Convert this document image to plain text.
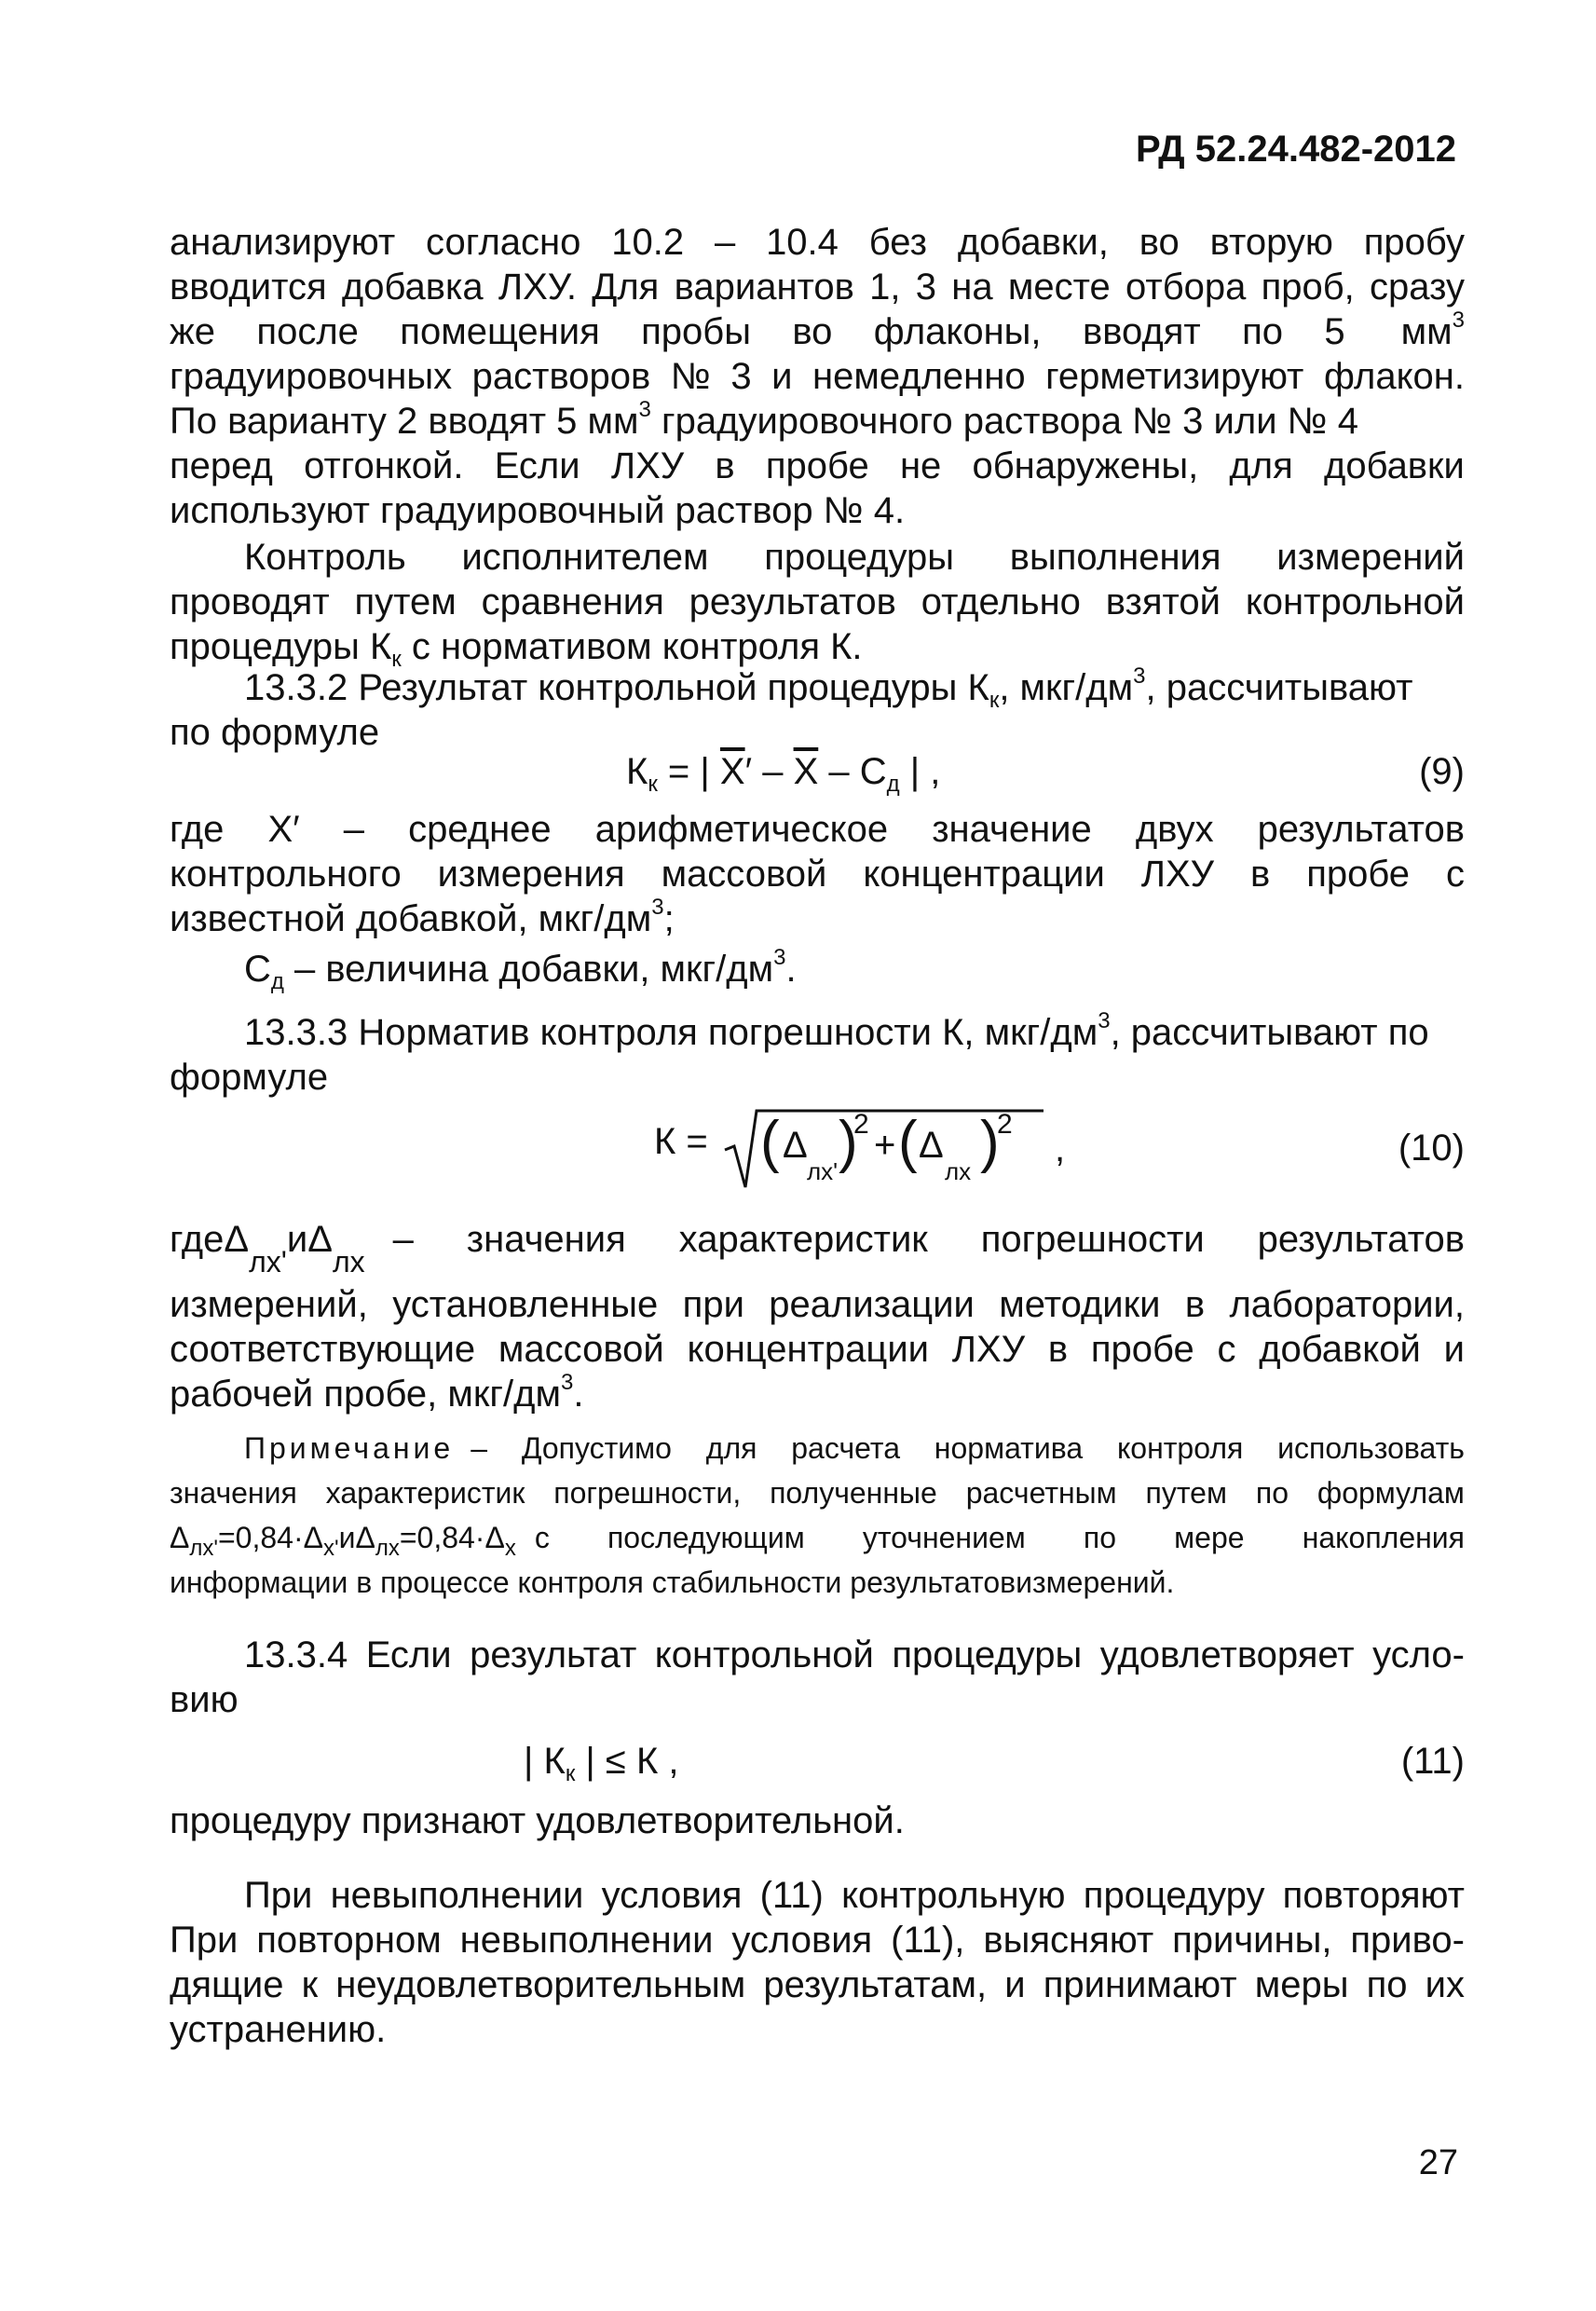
РД 52.24.482-2012
анализируют согласно 10.2 – 10.4 без добавки, во вторую пробу
вводится добавка ЛХУ. Для вариантов 1, 3 на месте отбора проб, сразу
же после помещения пробы во флаконы, вводят по 5 $мм^3$
градуировочных растворов № 3 и немедленно герметизируют флакон.
По варианту 2 вводят 5 $мм^3$ градуировочного раствора № 3 или № 4
перед отгонкой. Если ЛХУ в пробе не обнаружены, для добавки
используют градуировочный раствор № 4.
Контроль исполнителем процедуры выполнения измерений
проводят путем сравнения результатов отдельно взятой контрольной
процедуры $К_к$ с нормативом контроля К.
13.3.2 Результат контрольной процедуры $К_к$, мкг/$дм^3$, рассчитывают
по формуле
$К_к$ = | $\overline{X}' - \overline{X} - С_д$ | ,	(9)
где X′ – среднее арифметическое значение двух результатов
контрольного измерения массовой концентрации ЛХУ в пробе с
известной добавкой, мкг/$дм^3$;
$С_д$ – величина добавки, мкг/$дм^3$.
13.3.3 Норматив контроля погрешности К, мкг/$дм^3$, рассчитывают по
формуле
К = ( Δ
лх' )
2
+ ( Δ
лх )
2
,	(10)
где $\Delta_{лх'}$
и $\Delta_{лх}$
– значения характеристик погрешности результатов
измерений, установленные при реализации методики в лаборатории,
соответствующие массовой концентрации ЛХУ в пробе с добавкой и
рабочей пробе, мкг/$дм^3$.
Примечание – Допустимо для расчета норматива контроля использовать
значения характеристик погрешности, полученные расчетным путем по формулам
$\Delta_{лх'}=0,84\cdot\Delta_{х'}$ и $\Delta_{лх}=0,84\cdot\Delta_х$ с последующим уточнением по мере накопления
информации в процессе контроля стабильности результатовизмерений.
13.3.4 Если результат контрольной процедуры удовлетворяет усло-
вию
| $К_к$ | ≤ К ,	(11)
процедуру признают удовлетворительной.
При невыполнении условия (11) контрольную процедуру повторяют
При повторном невыполнении условия (11), выясняют причины, приво-
дящие к неудовлетворительным результатам, и принимают меры по их
устранению.
27
